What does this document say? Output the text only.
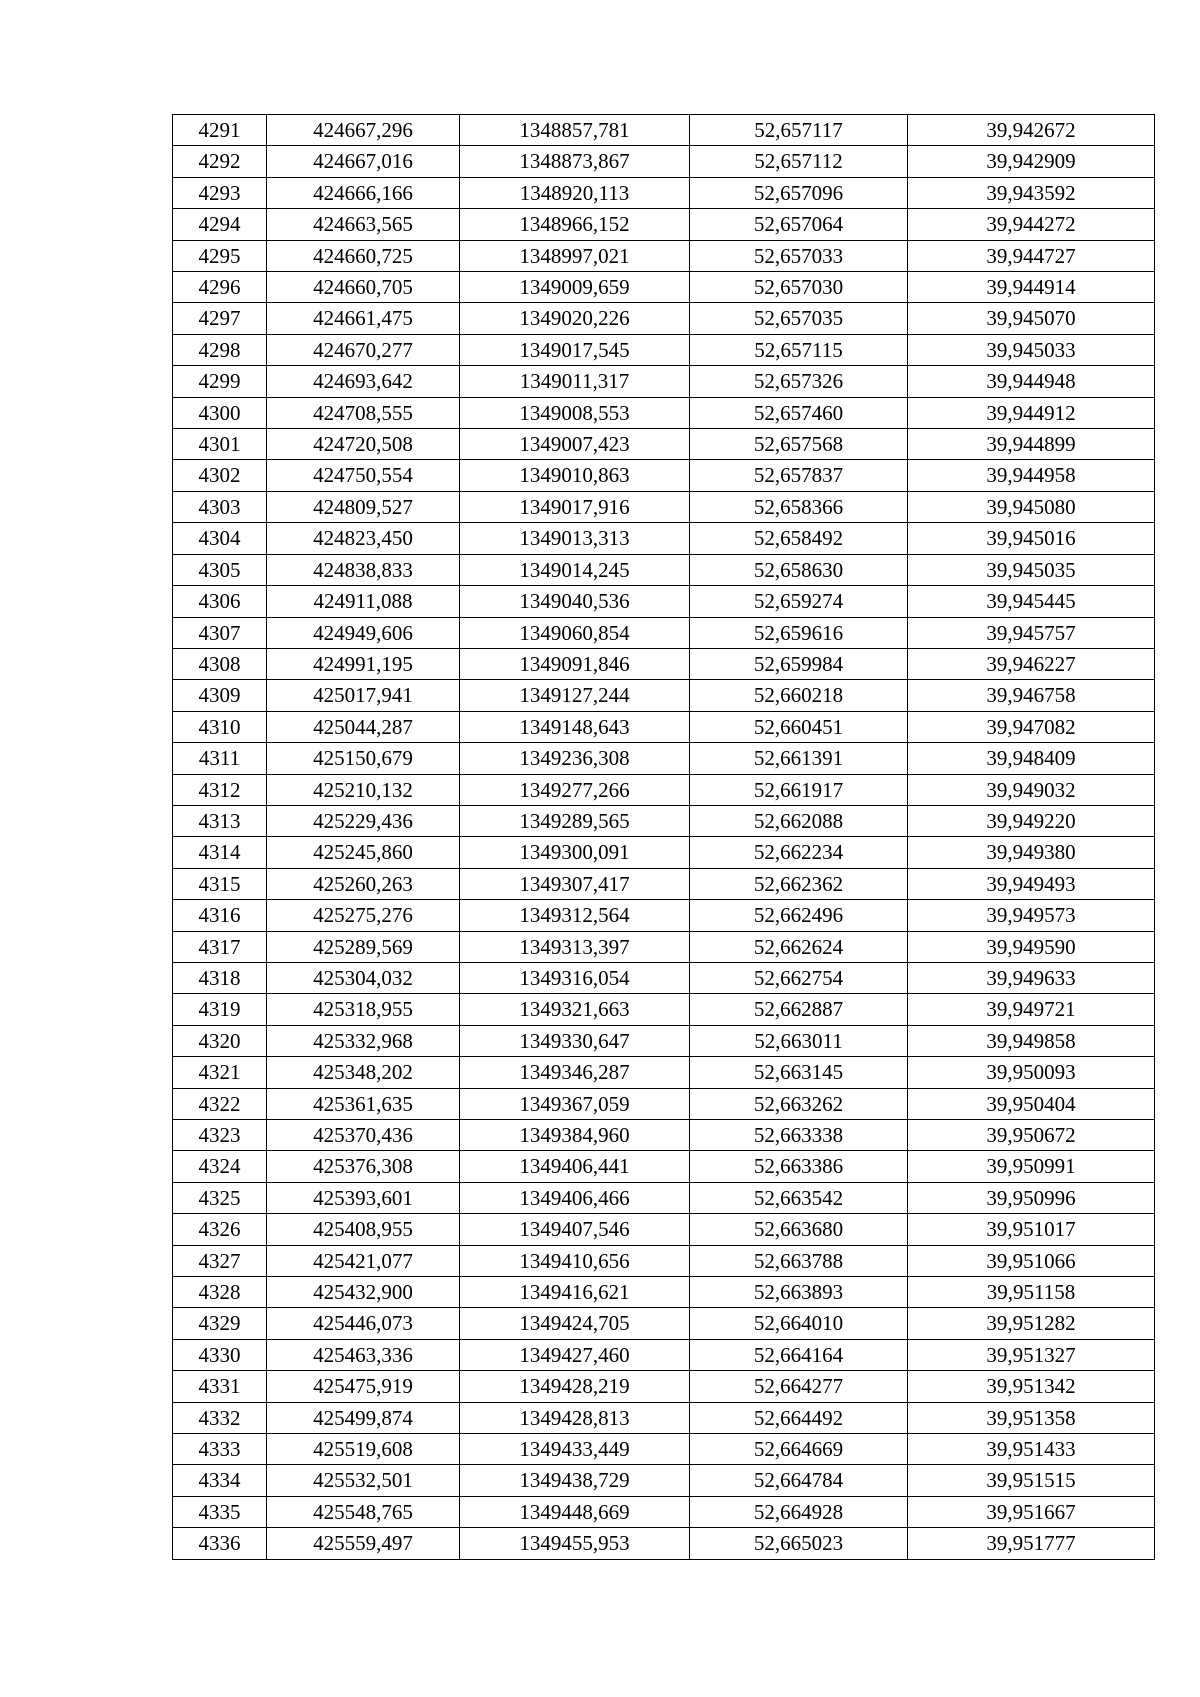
4291	424667,296	1348857,781	52,657117	39,942672
4292	424667,016	1348873,867	52,657112	39,942909
4293	424666,166	1348920,113	52,657096	39,943592
4294	424663,565	1348966,152	52,657064	39,944272
4295	424660,725	1348997,021	52,657033	39,944727
4296	424660,705	1349009,659	52,657030	39,944914
4297	424661,475	1349020,226	52,657035	39,945070
4298	424670,277	1349017,545	52,657115	39,945033
4299	424693,642	1349011,317	52,657326	39,944948
4300	424708,555	1349008,553	52,657460	39,944912
4301	424720,508	1349007,423	52,657568	39,944899
4302	424750,554	1349010,863	52,657837	39,944958
4303	424809,527	1349017,916	52,658366	39,945080
4304	424823,450	1349013,313	52,658492	39,945016
4305	424838,833	1349014,245	52,658630	39,945035
4306	424911,088	1349040,536	52,659274	39,945445
4307	424949,606	1349060,854	52,659616	39,945757
4308	424991,195	1349091,846	52,659984	39,946227
4309	425017,941	1349127,244	52,660218	39,946758
4310	425044,287	1349148,643	52,660451	39,947082
4311	425150,679	1349236,308	52,661391	39,948409
4312	425210,132	1349277,266	52,661917	39,949032
4313	425229,436	1349289,565	52,662088	39,949220
4314	425245,860	1349300,091	52,662234	39,949380
4315	425260,263	1349307,417	52,662362	39,949493
4316	425275,276	1349312,564	52,662496	39,949573
4317	425289,569	1349313,397	52,662624	39,949590
4318	425304,032	1349316,054	52,662754	39,949633
4319	425318,955	1349321,663	52,662887	39,949721
4320	425332,968	1349330,647	52,663011	39,949858
4321	425348,202	1349346,287	52,663145	39,950093
4322	425361,635	1349367,059	52,663262	39,950404
4323	425370,436	1349384,960	52,663338	39,950672
4324	425376,308	1349406,441	52,663386	39,950991
4325	425393,601	1349406,466	52,663542	39,950996
4326	425408,955	1349407,546	52,663680	39,951017
4327	425421,077	1349410,656	52,663788	39,951066
4328	425432,900	1349416,621	52,663893	39,951158
4329	425446,073	1349424,705	52,664010	39,951282
4330	425463,336	1349427,460	52,664164	39,951327
4331	425475,919	1349428,219	52,664277	39,951342
4332	425499,874	1349428,813	52,664492	39,951358
4333	425519,608	1349433,449	52,664669	39,951433
4334	425532,501	1349438,729	52,664784	39,951515
4335	425548,765	1349448,669	52,664928	39,951667
4336	425559,497	1349455,953	52,665023	39,951777
